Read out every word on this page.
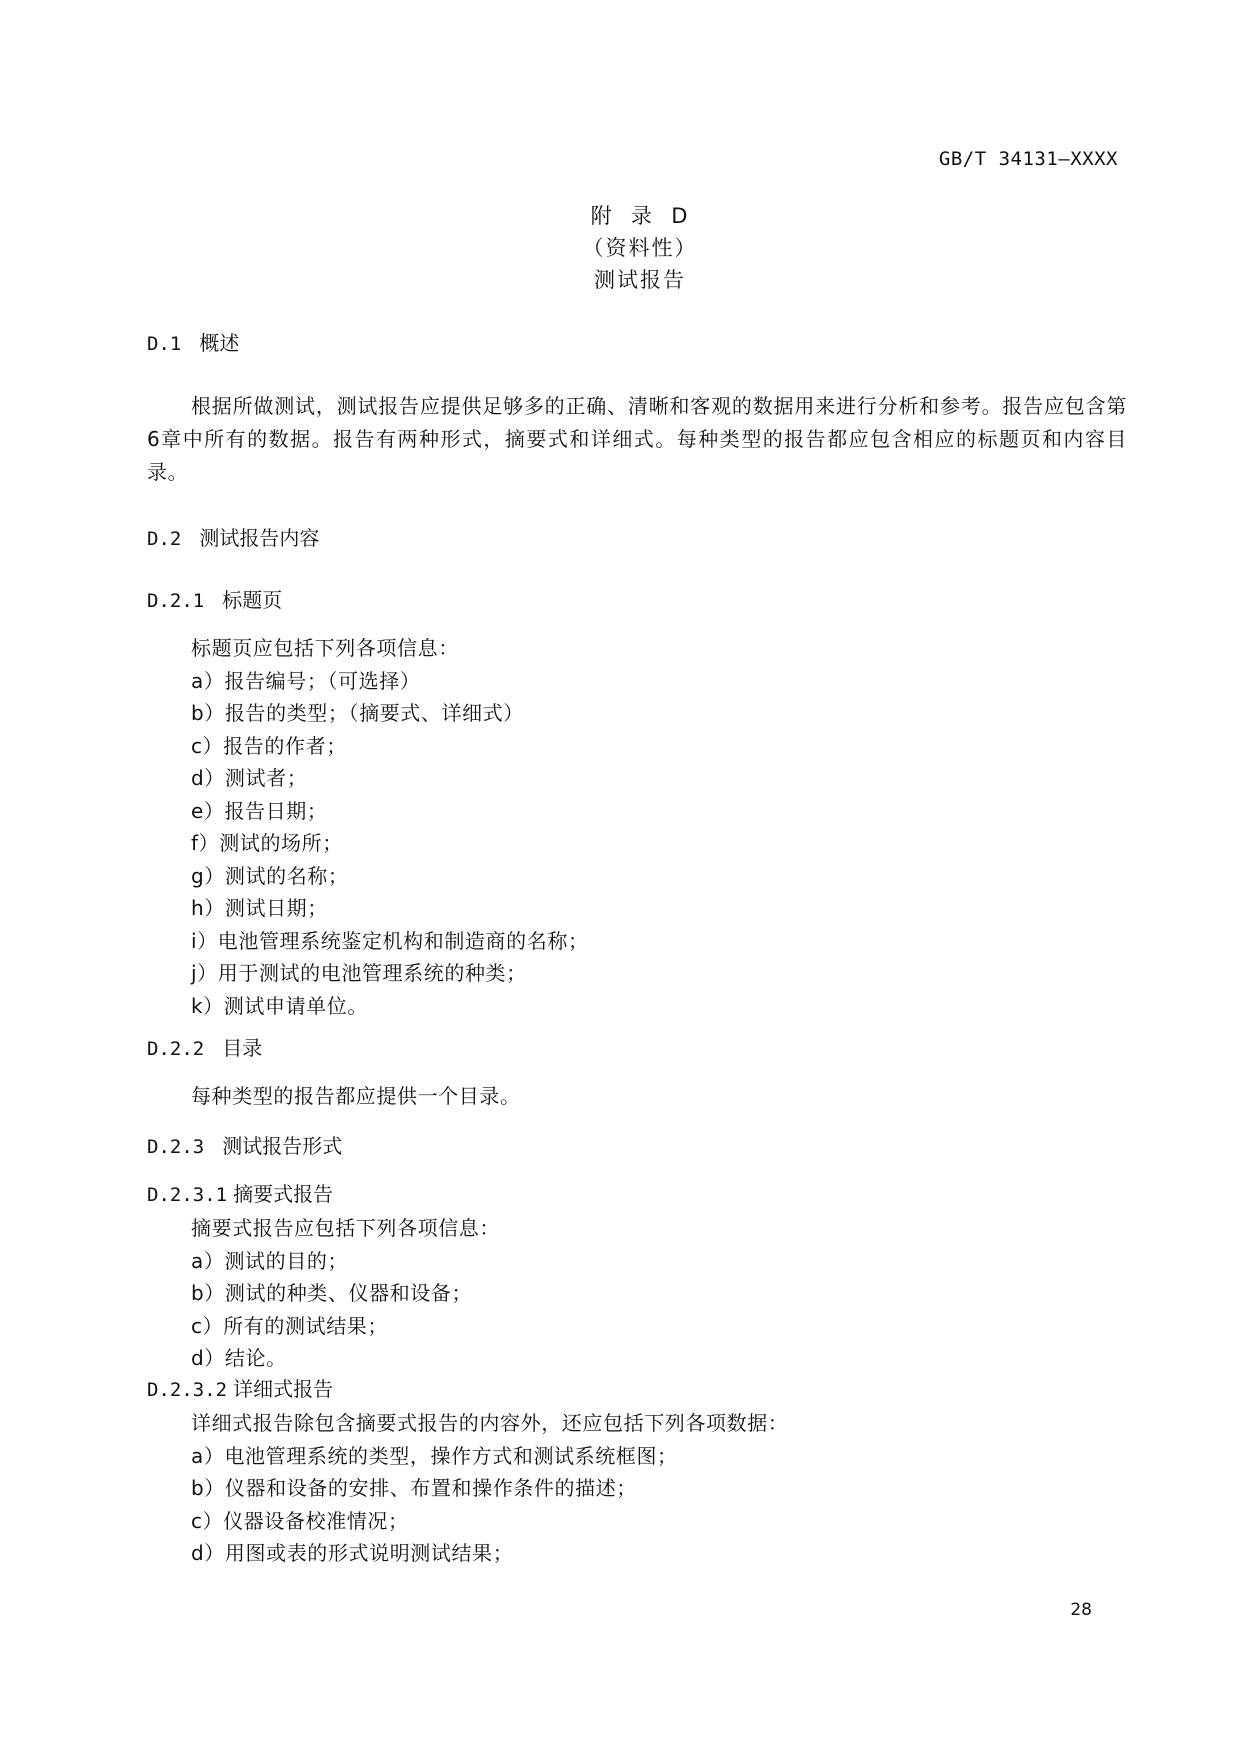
GB/T 34131—XXXX
附  录  D
（资料性）
测试报告
D.1 概述
根据所做测试，测试报告应提供足够多的正确、清晰和客观的数据用来进行分析和参考。报告应包含第6章中所有的数据。报告有两种形式，摘要式和详细式。每种类型的报告都应包含相应的标题页和内容目录。
D.2 测试报告内容
D.2.1 标题页
标题页应包括下列各项信息：
a）报告编号；（可选择）
b）报告的类型；（摘要式、详细式）
c）报告的作者；
d）测试者；
e）报告日期；
f）测试的场所；
g）测试的名称；
h）测试日期；
i）电池管理系统鉴定机构和制造商的名称；
j）用于测试的电池管理系统的种类；
k）测试申请单位。
D.2.2 目录
每种类型的报告都应提供一个目录。
D.2.3 测试报告形式
D.2.3.1 摘要式报告
摘要式报告应包括下列各项信息：
a）测试的目的；
b）测试的种类、仪器和设备；
c）所有的测试结果；
d）结论。
D.2.3.2 详细式报告
详细式报告除包含摘要式报告的内容外，还应包括下列各项数据：
a）电池管理系统的类型，操作方式和测试系统框图；
b）仪器和设备的安排、布置和操作条件的描述；
c）仪器设备校准情况；
d）用图或表的形式说明测试结果；
28
